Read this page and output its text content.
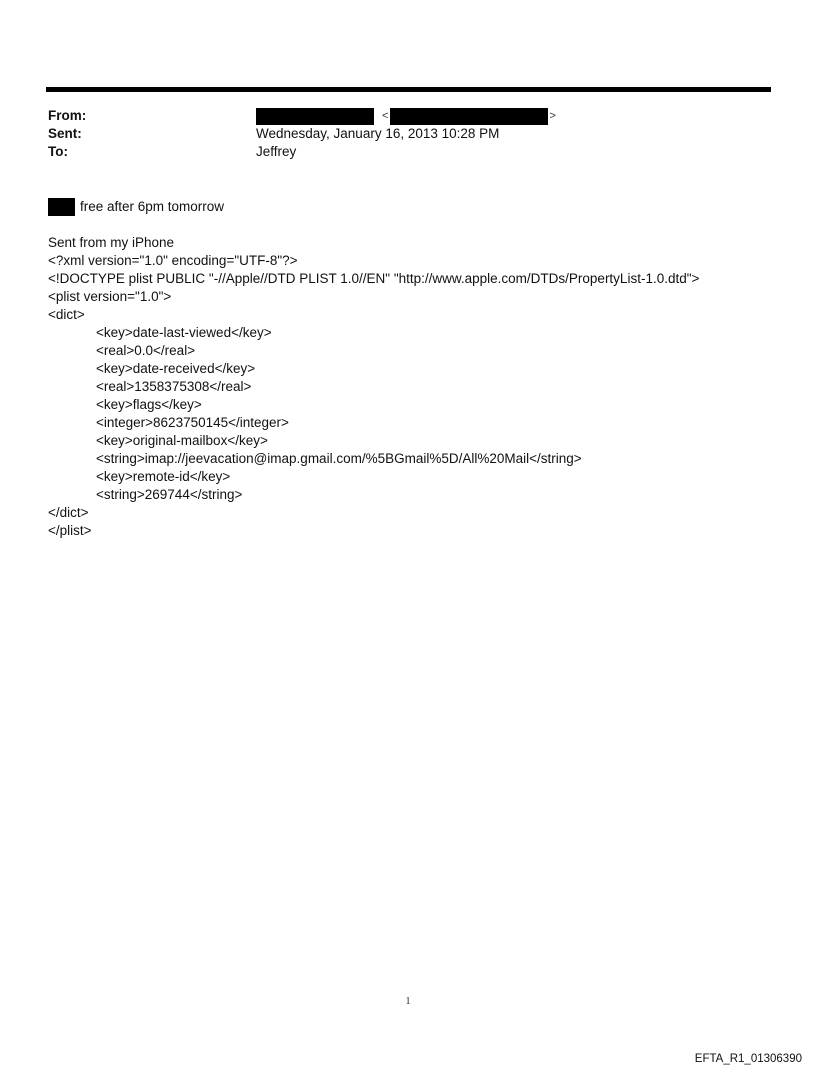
From:	<	>
Sent:	Wednesday, January 16, 2013 10:28 PM
To:	Jeffrey
free after 6pm tomorrow
Sent from my iPhone
<?xml version="1.0" encoding="UTF-8"?>
<!DOCTYPE plist PUBLIC "-//Apple//DTD PLIST 1.0//EN" "http://www.apple.com/DTDs/PropertyList-1.0.dtd">
<plist version="1.0">
<dict>
<key>date-last-viewed</key>
<real>0.0</real>
<key>date-received</key>
<real>1358375308</real>
<key>flags</key>
<integer>8623750145</integer>
<key>original-mailbox</key>
<string>imap://jeevacation@imap.gmail.com/%5BGmail%5D/All%20Mail</string>
<key>remote-id</key>
<string>269744</string>
</dict>
</plist>
1
EFTA_R1_01306390
